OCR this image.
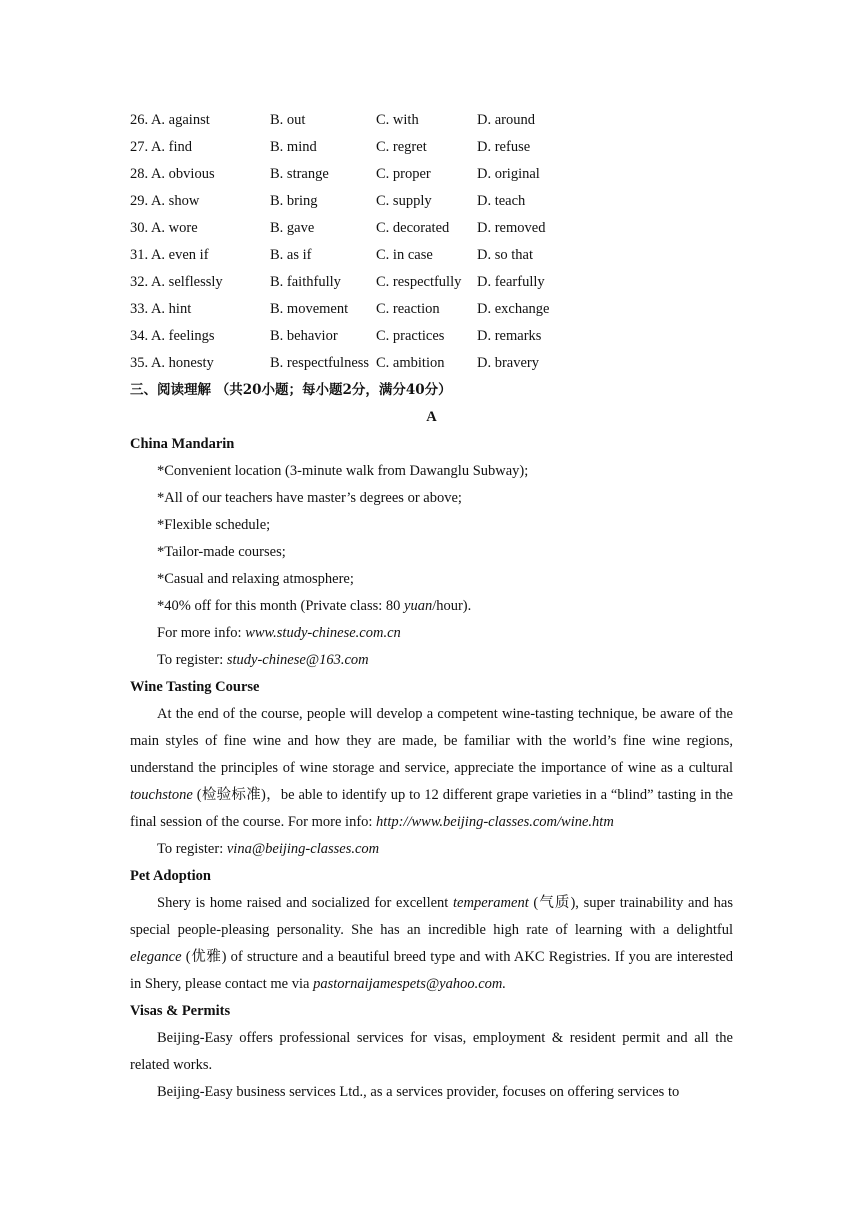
26. A. against	B. out	C. with	D. around
27. A. find	B. mind	C. regret	D. refuse
28. A. obvious	B. strange	C. proper	D. original
29. A. show	B. bring	C. supply	D. teach
30. A. wore	B. gave	C. decorated D. removed
31. A. even if	B. as if	C. in case	D. so that
32. A. selflessly	B. faithfully C. respectfully D. fearfully
33. A. hint	B. movement C. reaction	D. exchange
34. A. feelings	B. behavior	C. practices D. remarks
35. A. honesty	B. respectfulness C. ambition D. bravery
三、阅读理解 （共20小题；每小题2分，满分40分）
A
China Mandarin
*Convenient location (3-minute walk from Dawanglu Subway);
*All of our teachers have master’s degrees or above;
*Flexible schedule;
*Tailor-made courses;
*Casual and relaxing atmosphere;
*40% off for this month (Private class: 80 yuan/hour).
For more info: www.study-chinese.com.cn
To register: study-chinese@163.com
Wine Tasting Course

At the end of the course, people will develop a competent wine-tasting technique, be aware of the main styles of fine wine and how they are made, be familiar with the world’s fine wine regions, understand the principles of wine storage and service, appreciate the importance of wine as a cultural touchstone (检验标准)，be able to identify up to 12 different grape varieties in a “blind” tasting in the final session of the course. For more info: http://www.beijing-classes.com/wine.htm

To register: vina@beijing-classes.com
Pet Adoption

Shery is home raised and socialized for excellent temperament (气质), super trainability and has special people-pleasing personality. She has an incredible high rate of learning with a delightful elegance (优雅) of structure and a beautiful breed type and with AKC Registries. If you are interested in Shery, please contact me via pastornaijamespets@yahoo.com.

Visas & Permits

Beijing-Easy offers professional services for visas, employment & resident permit and all the related works.

Beijing-Easy business services Ltd., as a services provider, focuses on offering services to
